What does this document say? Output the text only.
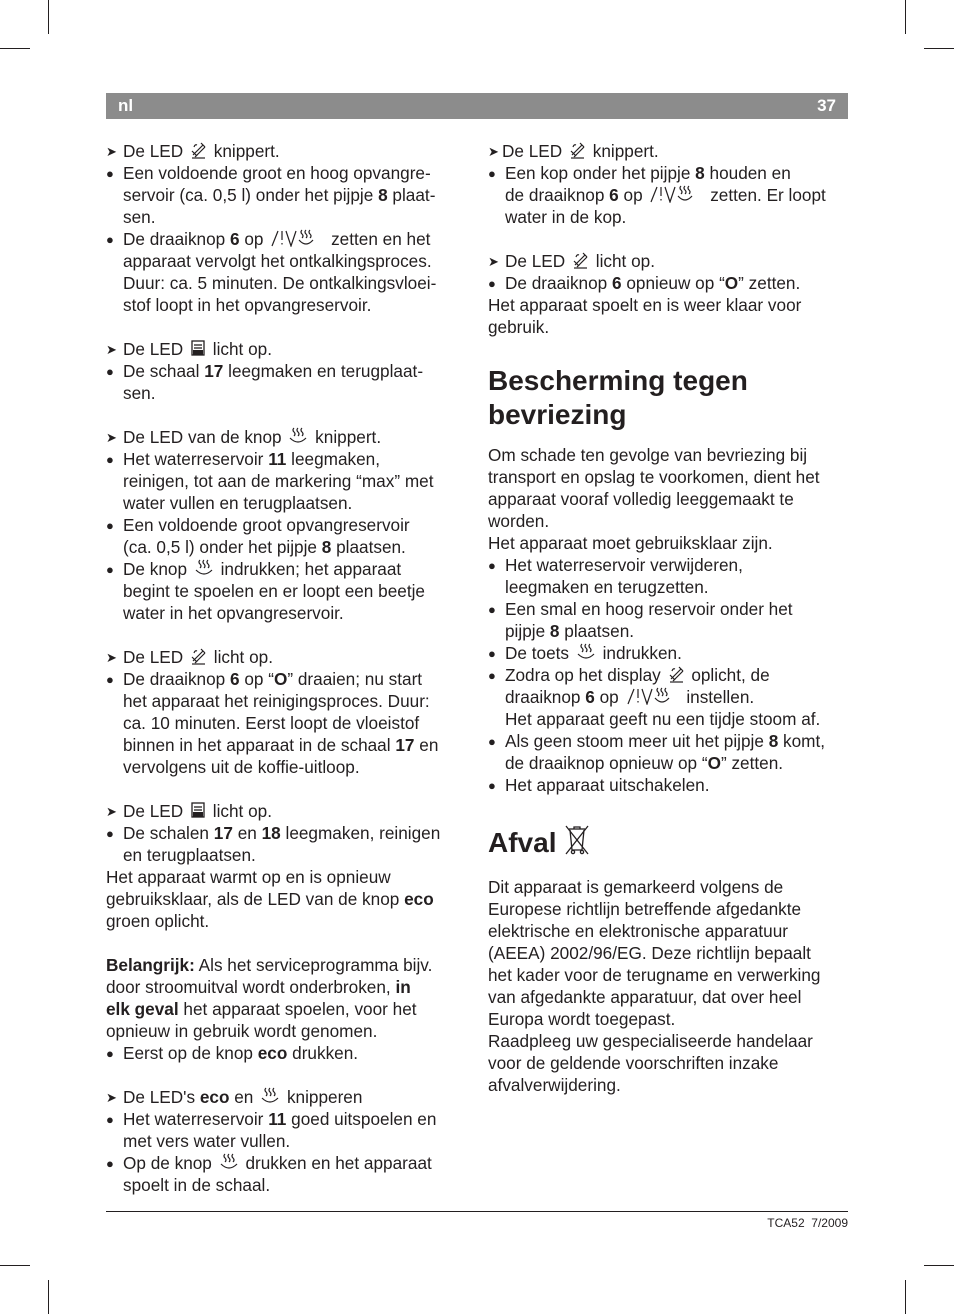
nl	37
➤
De LED knippert.
●
Een voldoende groot en hoog opvangre-
servoir (ca. 0,5 l) onder het pijpje 8 plaat-
sen.
●
De draaiknop 6 op	zetten en het
apparaat vervolgt het ontkalkingsproces.
Duur: ca. 5 minuten. De ontkalkingsvloei-
stof loopt in het opvangreservoir.
➤
De LED licht op.
●
De schaal 17 leegmaken en terugplaat-
sen.
➤
De LED van de knop knippert.
●
Het waterreservoir 11 leegmaken,
reinigen, tot aan de markering “max” met
water vullen en terugplaatsen.
●
Een voldoende groot opvangreservoir
(ca. 0,5 l) onder het pijpje 8 plaatsen.
●
De knop indrukken; het apparaat
begint te spoelen en er loopt een beetje
water in het opvangreservoir.
➤
De LED licht op.
●
De draaiknop 6 op “O” draaien; nu start
het apparaat het reinigingsproces. Duur:
ca. 10 minuten. Eerst loopt de vloeistof
binnen in het apparaat in de schaal 17 en
vervolgens uit de koffie-uitloop.
➤
De LED licht op.
●
De schalen 17 en 18 leegmaken, reinigen
en terugplaatsen.
Het apparaat warmt op en is opnieuw
gebruiksklaar, als de LED van de knop eco
groen oplicht.
Belangrijk: Als het serviceprogramma bijv.
door stroomuitval wordt onderbroken, in
elk geval het apparaat spoelen, voor het
opnieuw in gebruik wordt genomen.
●
Eerst op de knop eco drukken.
➤
De LED's eco en knipperen
●
Het waterreservoir 11 goed uitspoelen en
met vers water vullen.
●
Op de knop drukken en het apparaat
spoelt in de schaal.
➤
De LED knippert.
●
Een kop onder het pijpje 8 houden en
de draaiknop 6 op	zetten. Er loopt
water in de kop.
➤
De LED licht op.
●
De draaiknop 6 opnieuw op “O” zetten.
Het apparaat spoelt en is weer klaar voor
gebruik.
Bescherming tegen
bevriezing
Om schade ten gevolge van bevriezing bij
transport en opslag te voorkomen, dient het
apparaat vooraf volledig leeggemaakt te
worden.
Het apparaat moet gebruiksklaar zijn.
●
Het waterreservoir verwijderen,
leegmaken en terugzetten.
●
Een smal en hoog reservoir onder het
pijpje 8 plaatsen.
●
De toets indrukken.
●
Zodra op het display oplicht, de
draaiknop 6 op	instellen.
Het apparaat geeft nu een tijdje stoom af.
●
Als geen stoom meer uit het pijpje 8 komt,
de draaiknop opnieuw op “O” zetten.
●
Het apparaat uitschakelen.
Afval
Dit apparaat is gemarkeerd volgens de
Europese richtlijn betreffende afgedankte
elektrische en elektronische apparatuur
(AEEA) 2002/96/EG. Deze richtlijn bepaalt
het kader voor de terugname en verwerking
van afgedankte apparatuur, dat over heel
Europa wordt toegepast.
Raadpleeg uw gespecialiseerde handelaar
voor de geldende voorschriften inzake
afvalverwijdering.
TCA52 7/2009
